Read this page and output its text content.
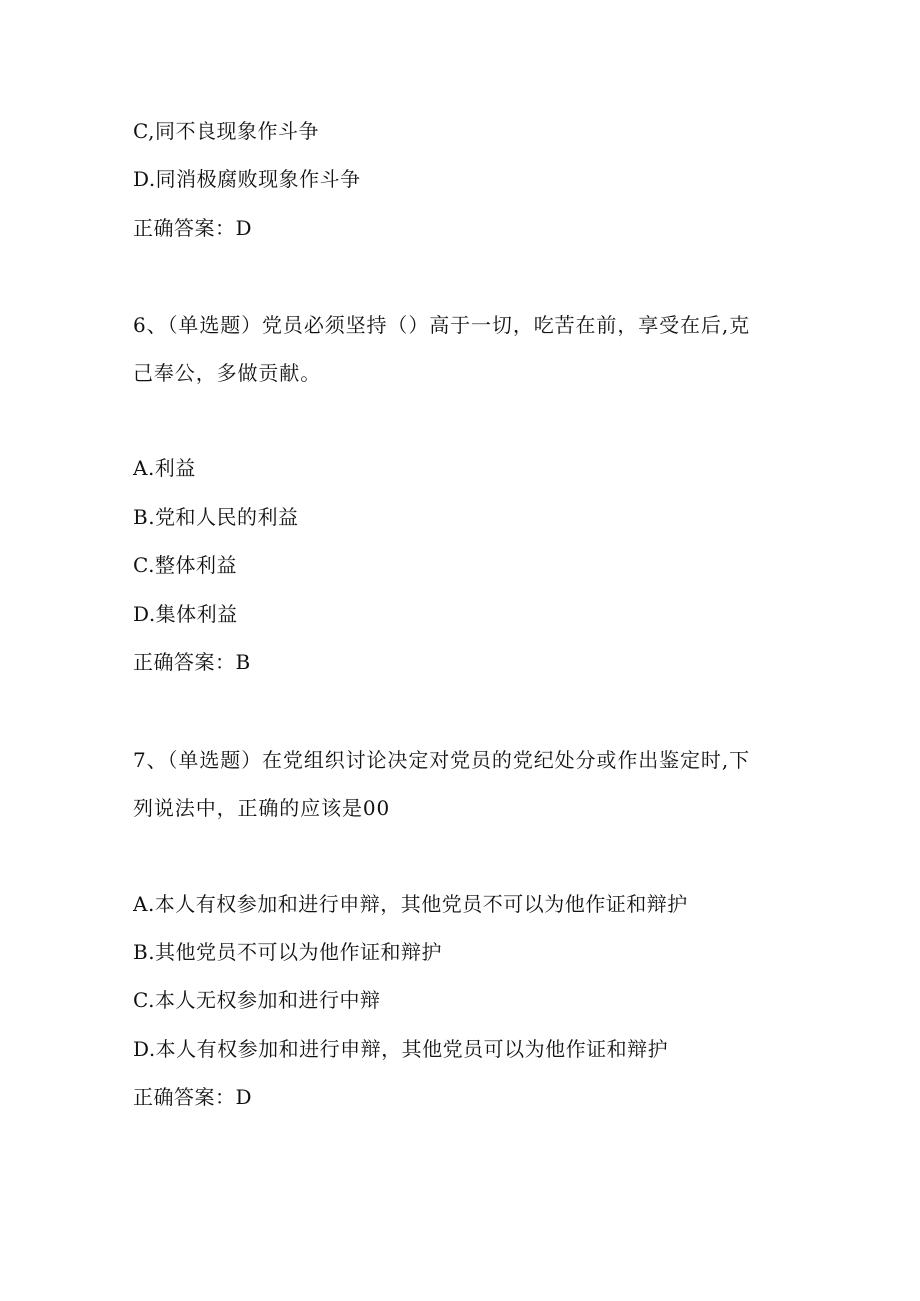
C,同不良现象作斗争
D.同消极腐败现象作斗争
正确答案：D
6、（单选题）党员必须坚持（）高于一切，吃苦在前，享受在后,克
己奉公，多做贡献。
A.利益
B.党和人民的利益
C.整体利益
D.集体利益
正确答案：B
7、（单选题）在党组织讨论决定对党员的党纪处分或作出鉴定时,下
列说法中，正确的应该是00
A.本人有权参加和进行申辩，其他党员不可以为他作证和辩护
B.其他党员不可以为他作证和辩护
C.本人无权参加和进行中辩
D.本人有权参加和进行申辩，其他党员可以为他作证和辩护
正确答案：D
